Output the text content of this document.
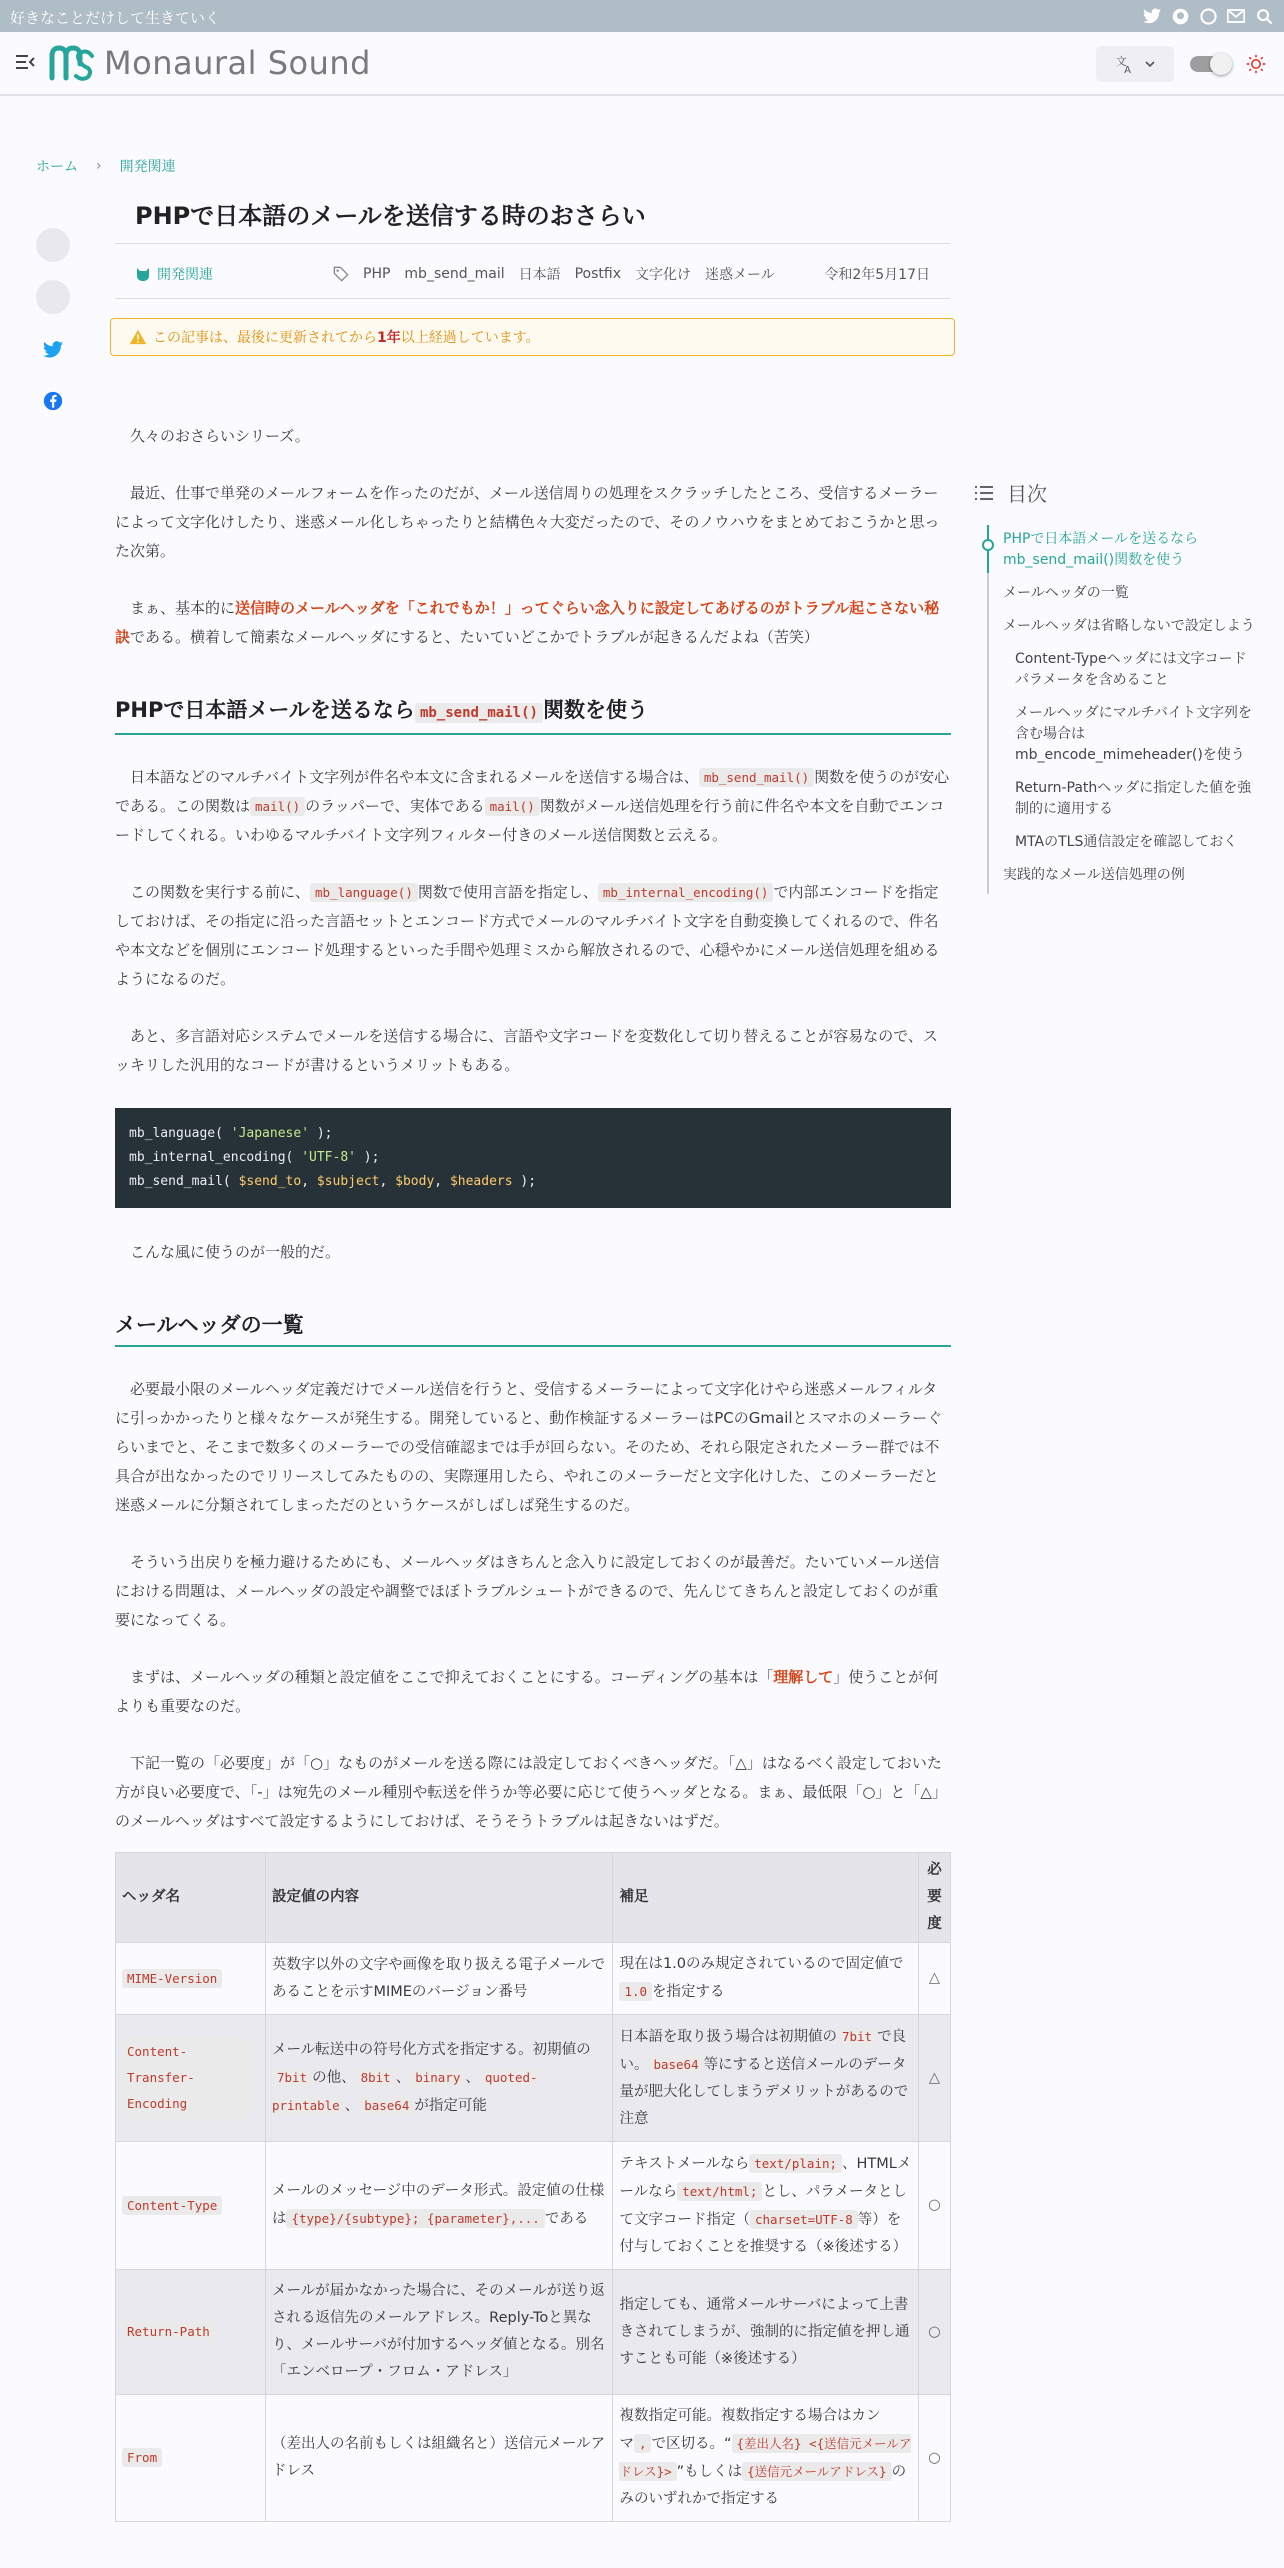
好きなことだけして生きていく
Monaural Sound	文
A
ホーム › 開発関連
PHPで日本語のメールを送信する時のおさらい
開発関連	PHP mb_send_mail 日本語 Postfix 文字化け 迷惑メール	令和2年5月17日
この記事は、最後に更新されてから1年以上経過しています。

久々のおさらいシリーズ。

最近、仕事で単発のメールフォームを作ったのだが、メール送信周りの処理をスクラッチしたところ、受信するメーラーによって文字化けしたり、迷惑メール化しちゃったりと結構色々大変だったので、そのノウハウをまとめておこうかと思った次第。

まぁ、基本的に送信時のメールヘッダを「これでもか！」ってぐらい念入りに設定してあげるのがトラブル起こさない秘訣である。横着して簡素なメールヘッダにすると、たいていどこかでトラブルが起きるんだよね（苦笑）

PHPで日本語メールを送るなら mb_send_mail() 関数を使う

日本語などのマルチバイト文字列が件名や本文に含まれるメールを送信する場合は、 mb_send_mail() 関数を使うのが安心である。この関数は mail() のラッパーで、実体である mail() 関数がメール送信処理を行う前に件名や本文を自動でエンコードしてくれる。いわゆるマルチバイト文字列フィルター付きのメール送信関数と云える。

この関数を実行する前に、 mb_language() 関数で使用言語を指定し、 mb_internal_encoding() で内部エンコードを指定しておけば、その指定に沿った言語セットとエンコード方式でメールのマルチバイト文字を自動変換してくれるので、件名や本文などを個別にエンコード処理するといった手間や処理ミスから解放されるので、心穏やかにメール送信処理を組めるようになるのだ。

あと、多言語対応システムでメールを送信する場合に、言語や文字コードを変数化して切り替えることが容易なので、スッキリした汎用的なコードが書けるというメリットもある。

mb_language( 'Japanese' );
mb_internal_encoding( 'UTF-8' );
mb_send_mail( $send_to, $subject, $body, $headers );

こんな風に使うのが一般的だ。

メールヘッダの一覧

必要最小限のメールヘッダ定義だけでメール送信を行うと、受信するメーラーによって文字化けやら迷惑メールフィルタに引っかかったりと様々なケースが発生する。開発していると、動作検証するメーラーはPCのGmailとスマホのメーラーぐらいまでと、そこまで数多くのメーラーでの受信確認までは手が回らない。そのため、それら限定されたメーラー群では不具合が出なかったのでリリースしてみたものの、実際運用したら、やれこのメーラーだと文字化けした、このメーラーだと迷惑メールに分類されてしまっただのというケースがしばしば発生するのだ。

そういう出戻りを極力避けるためにも、メールヘッダはきちんと念入りに設定しておくのが最善だ。たいていメール送信における問題は、メールヘッダの設定や調整でほぼトラブルシュートができるので、先んじてきちんと設定しておくのが重要になってくる。

まずは、メールヘッダの種類と設定値をここで抑えておくことにする。コーディングの基本は「理解して」使うことが何よりも重要なのだ。

下記一覧の「必要度」が「○」なものがメールを送る際には設定しておくべきヘッダだ。「△」はなるべく設定しておいた方が良い必要度で、「-」は宛先のメール種別や転送を伴うか等必要に応じて使うヘッダとなる。まぁ、最低限「○」と「△」のメールヘッダはすべて設定するようにしておけば、そうそうトラブルは起きないはずだ。

ヘッダ名	設定値の内容	補足	必要度
MIME-Version	英数字以外の文字や画像を取り扱える電子メールであることを示すMIMEのバージョン番号	現在は1.0のみ規定されているので固定値で1.0 を指定する	△
Content-Transfer-Encoding	メール転送中の符号化方式を指定する。初期値の7bit の他、 8bit 、 binary 、 quoted-printable 、 base64 が指定可能	日本語を取り扱う場合は初期値の 7bit で良い。 base64 等にすると送信メールのデータ量が肥大化してしまうデメリットがあるので注意	△
Content-Type	メールのメッセージ中のデータ形式。設定値の仕様は {type}/{subtype}; {parameter},... である	テキストメールなら text/plain; 、HTMLメールなら text/html; とし、パラメータとして文字コード指定（ charset=UTF-8 等）を付与しておくことを推奨する（※後述する）	○
Return-Path	メールが届かなかった場合に、そのメールが送り返される返信先のメールアドレス。Reply-Toと異なり、メールサーバが付加するヘッダ値となる。別名「エンベロープ・フロム・アドレス」	指定しても、通常メールサーバによって上書きされてしまうが、強制的に指定値を押し通すことも可能（※後述する）	○
From	（差出人の名前もしくは組織名と）送信元メールアドレス	複数指定可能。複数指定する場合はカンマ , で区切る。“ {差出人名} <{送信元メールアドレス}> ”もしくは {送信元メールアドレス} のみのいずれかで指定する	○
目次
PHPで日本語メールを送るならmb_send_mail()関数を使う
メールヘッダの一覧
メールヘッダは省略しないで設定しよう
Content-Typeヘッダには文字コードパラメータを含めること
メールヘッダにマルチバイト文字列を含む場合はmb_encode_mimeheader()を使う
Return-Pathヘッダに指定した値を強制的に適用する
MTAのTLS通信設定を確認しておく
実践的なメール送信処理の例
